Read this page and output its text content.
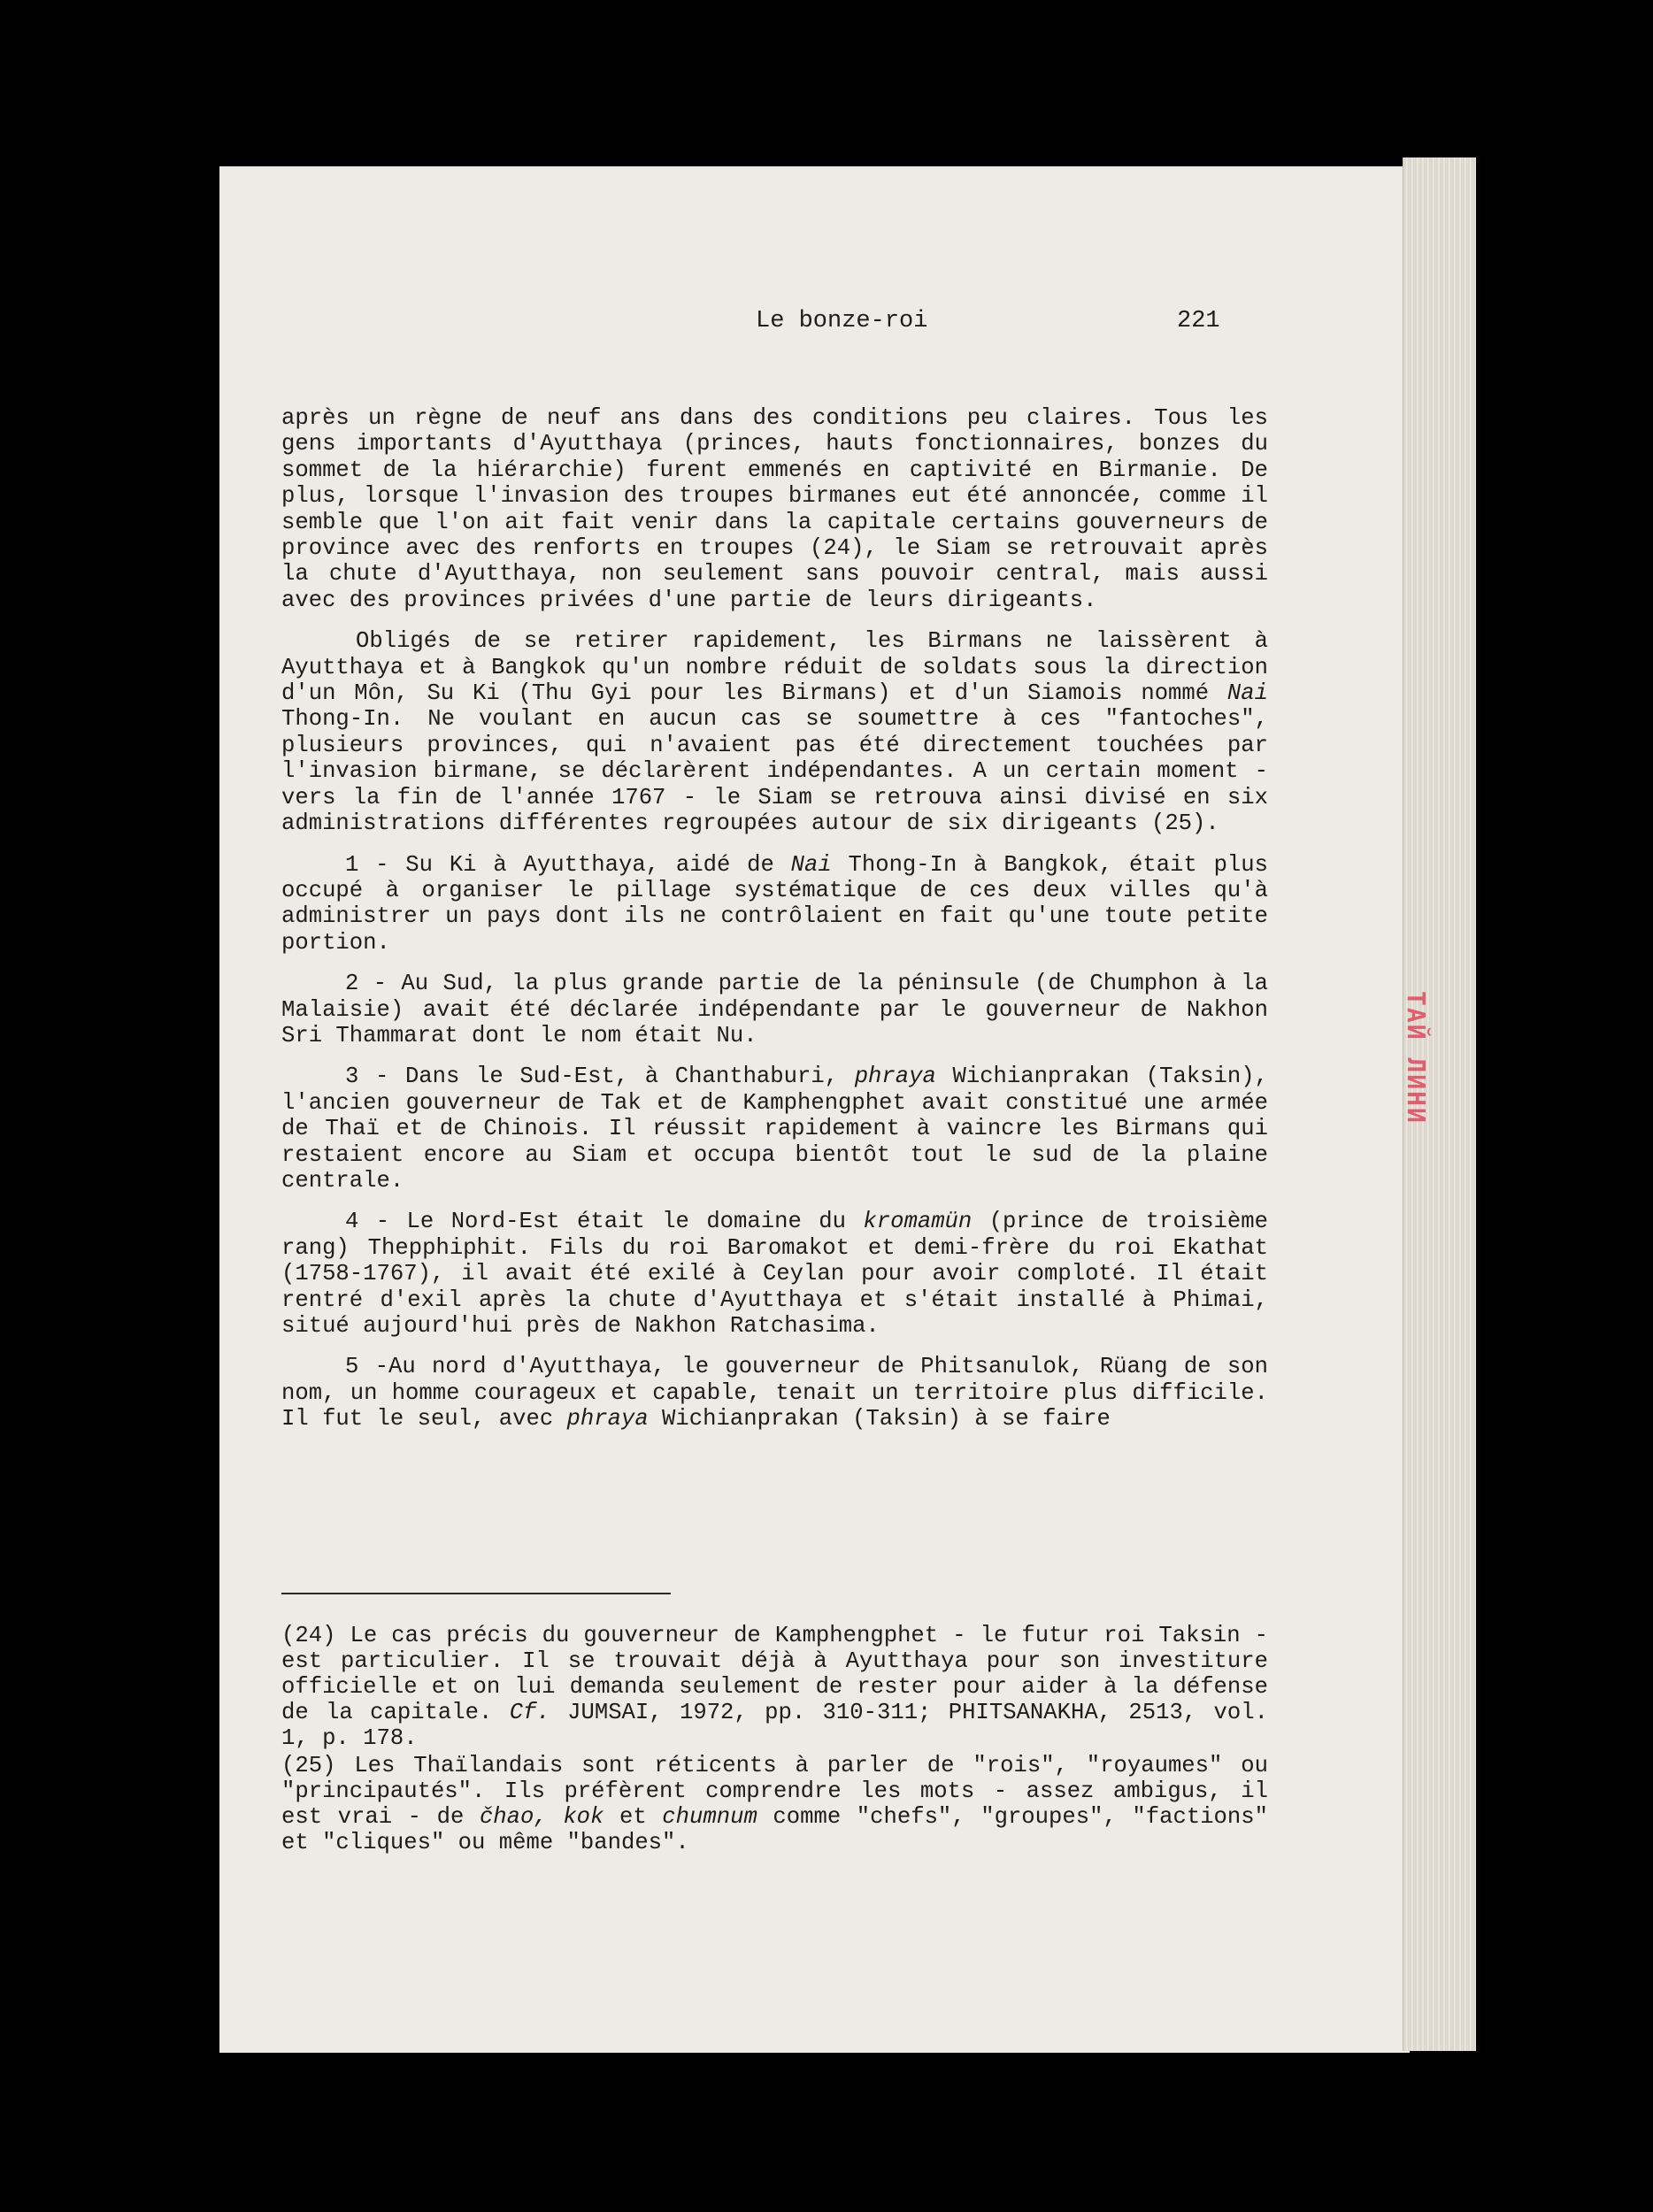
ТАЙ ЛИНИ
Le bonze-roi	221

après un règne de neuf ans dans des conditions peu claires. Tous les gens importants d'Ayutthaya (princes, hauts fonctionnaires, bonzes du sommet de la hiérarchie) furent emmenés en captivité en Birmanie. De plus, lorsque l'invasion des troupes birmanes eut été annoncée, comme il semble que l'on ait fait venir dans la capitale certains gouverneurs de province avec des renforts en troupes (24), le Siam se retrouvait après la chute d'Ayutthaya, non seulement sans pouvoir central, mais aussi avec des provinces privées d'une partie de leurs dirigeants.

Obligés de se retirer rapidement, les Birmans ne laissèrent à Ayutthaya et à Bangkok qu'un nombre réduit de soldats sous la direction d'un Môn, Su Ki (Thu Gyi pour les Birmans) et d'un Siamois nommé Nai Thong-In. Ne voulant en aucun cas se soumettre à ces "fantoches", plusieurs provinces, qui n'avaient pas été directement touchées par l'invasion birmane, se déclarèrent indépendantes. A un certain moment - vers la fin de l'année 1767 - le Siam se retrouva ainsi divisé en six administrations différentes regroupées autour de six dirigeants (25).

1 - Su Ki à Ayutthaya, aidé de Nai Thong-In à Bangkok, était plus occupé à organiser le pillage systématique de ces deux villes qu'à administrer un pays dont ils ne contrôlaient en fait qu'une toute petite portion.

2 - Au Sud, la plus grande partie de la péninsule (de Chumphon à la Malaisie) avait été déclarée indépendante par le gouverneur de Nakhon Sri Thammarat dont le nom était Nu.

3 - Dans le Sud-Est, à Chanthaburi, phraya Wichianprakan (Taksin), l'ancien gouverneur de Tak et de Kamphengphet avait constitué une armée de Thaï et de Chinois. Il réussit rapidement à vaincre les Birmans qui restaient encore au Siam et occupa bientôt tout le sud de la plaine centrale.

4 - Le Nord-Est était le domaine du kromamün (prince de troisième rang) Thepphiphit. Fils du roi Baromakot et demi-frère du roi Ekathat (1758-1767), il avait été exilé à Ceylan pour avoir comploté. Il était rentré d'exil après la chute d'Ayutthaya et s'était installé à Phimai, situé aujourd'hui près de Nakhon Ratchasima.

5 -Au nord d'Ayutthaya, le gouverneur de Phitsanulok, Rüang de son nom, un homme courageux et capable, tenait un territoire plus difficile. Il fut le seul, avec phraya Wichianprakan (Taksin) à se faire

(24) Le cas précis du gouverneur de Kamphengphet - le futur roi Taksin - est particulier. Il se trouvait déjà à Ayutthaya pour son investiture officielle et on lui demanda seulement de rester pour aider à la défense de la capitale. Cf. JUMSAI, 1972, pp. 310-311; PHITSANAKHA, 2513, vol. 1, p. 178.

(25) Les Thaïlandais sont réticents à parler de "rois", "royaumes" ou "principautés". Ils préfèrent comprendre les mots - assez ambigus, il est vrai - de čhao, kok et chumnum comme "chefs", "groupes", "factions" et "cliques" ou même "bandes".
